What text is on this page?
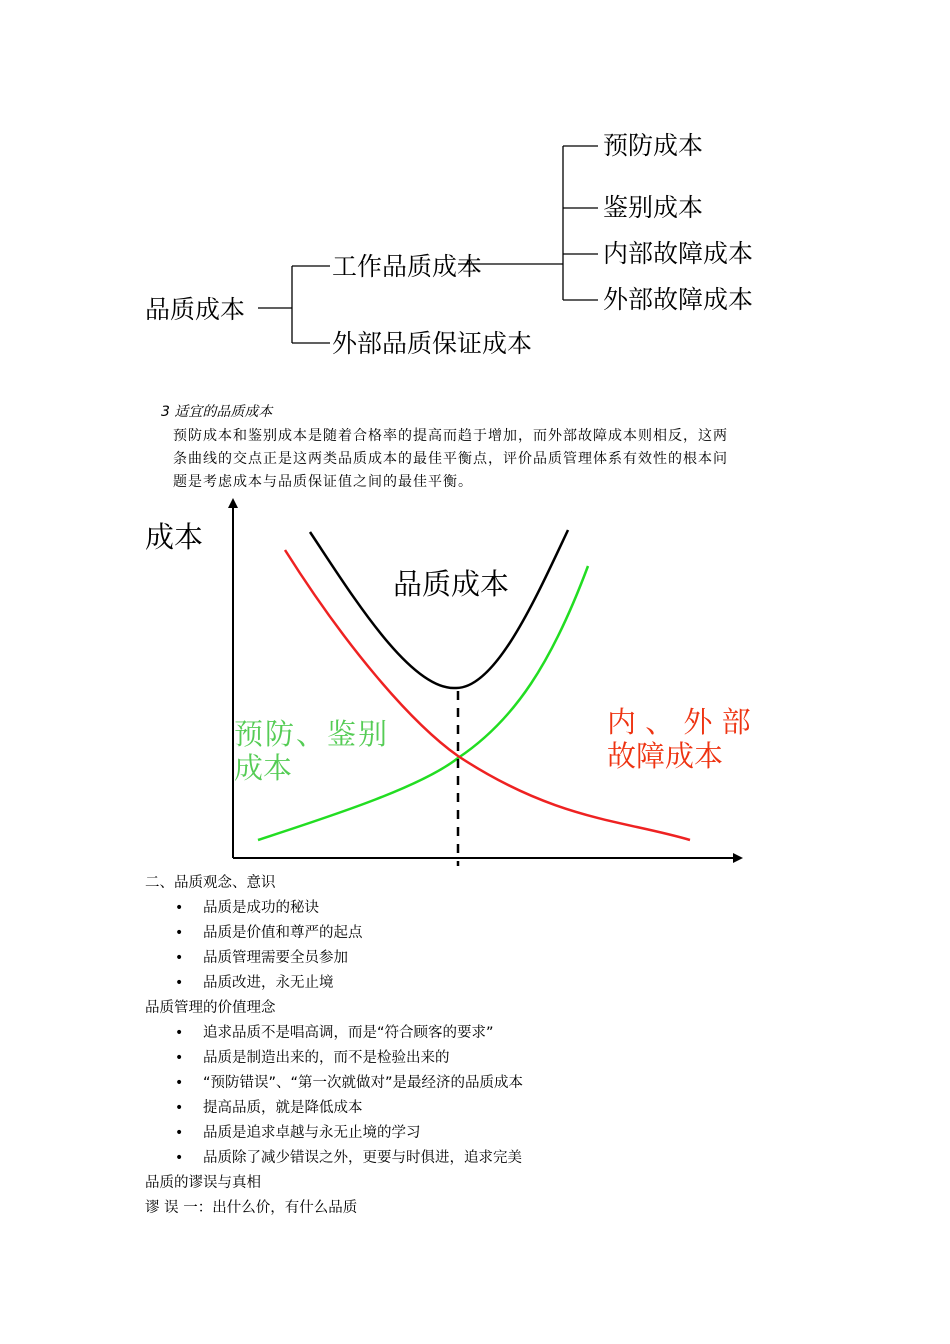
品质成本
工作品质成本
外部品质保证成本
预防成本
鉴别成本
内部故障成本
外部故障成本
3 适宜的品质成本
预防成本和鉴别成本是随着合格率的提高而趋于增加，而外部故障成本则相反，这两
条曲线的交点正是这两类品质成本的最佳平衡点，评价品质管理体系有效性的根本问
题是考虑成本与品质保证值之间的最佳平衡。
成本
品质成本
预防、鉴别
成本
内 、 外 部
故障成本
二、品质观念、意识
• 品质是成功的秘诀
• 品质是价值和尊严的起点
• 品质管理需要全员参加
• 品质改进，永无止境
品质管理的价值理念
• 追求品质不是唱高调，而是“符合顾客的要求”
• 品质是制造出来的，而不是检验出来的
• “预防错误”、“第一次就做对”是最经济的品质成本
• 提高品质，就是降低成本
• 品质是追求卓越与永无止境的学习
• 品质除了减少错误之外，更要与时俱进，追求完美
品质的谬误与真相
谬 误 一：出什么价，有什么品质
